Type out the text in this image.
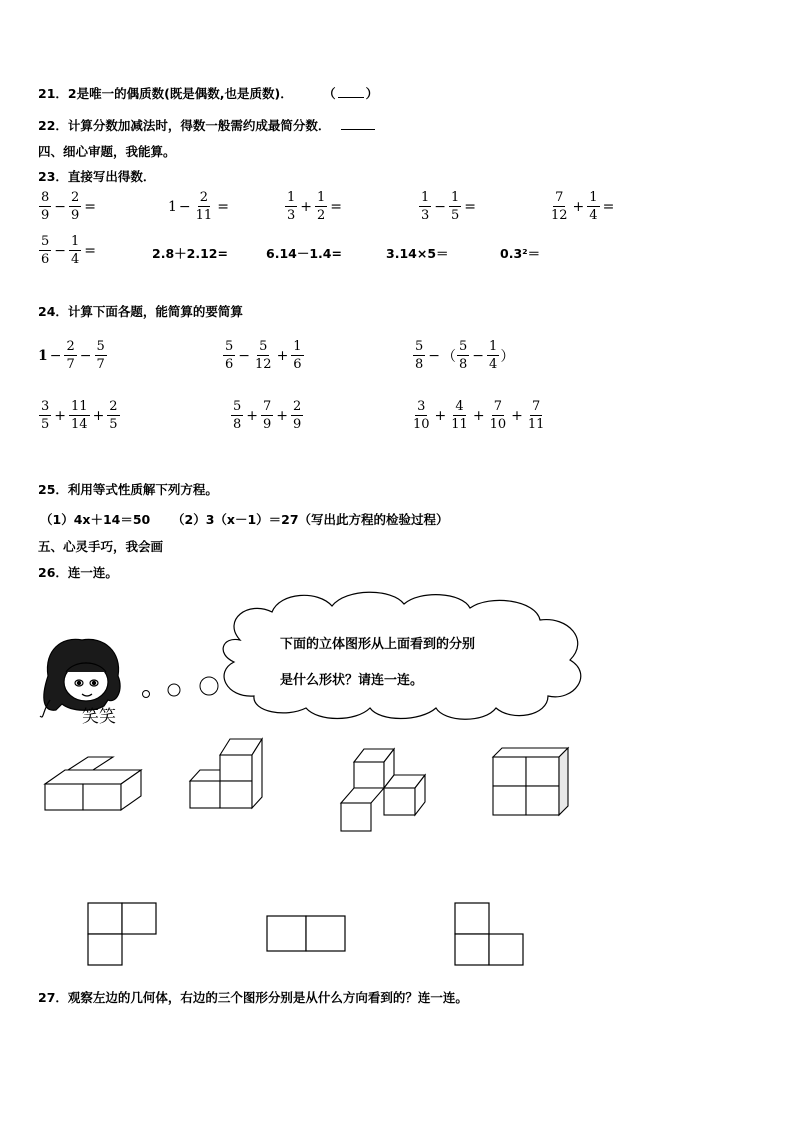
21．2是唯一的偶质数(既是偶数,也是质数)． （ ）
22．计算分数加减法时，得数一般需约成最简分数．
四、细心审题，我能算。
23．直接写出得数．
$\frac{8}{9} - \frac{2}{9}$ =	$1 - \frac{2}{11}$ =	$\frac{1}{3} + \frac{1}{2}$ =	$\frac{1}{3} - \frac{1}{5}$ =	$\frac{7}{12} + \frac{1}{4}$ =
$\frac{5}{6} - \frac{1}{4}$ =	2.8＋2.12=	6.14－1.4=	3.14×5＝	0.3²＝
24．计算下面各题，能简算的要简算
$1 - \frac{2}{7} - \frac{5}{7}$	$\frac{5}{6} - \frac{5}{12} + \frac{1}{6}$	$\frac{5}{8}$ − （ $\frac{5}{8} - \frac{1}{4}$ ）
$\frac{3}{5} + \frac{11}{14} + \frac{2}{5}$	$\frac{5}{8} + \frac{7}{9} + \frac{2}{9}$	$\frac{3}{10} + \frac{4}{11} + \frac{7}{10} + \frac{7}{11}$
25．利用等式性质解下列方程。
（1）4x＋14＝50 （2）3（x－1）＝27（写出此方程的检验过程）
五、心灵手巧，我会画
26．连一连。
下面的立体图形从上面看到的分别
是什么形状？请连一连。
笑笑
27．观察左边的几何体，右边的三个图形分别是从什么方向看到的？连一连。
